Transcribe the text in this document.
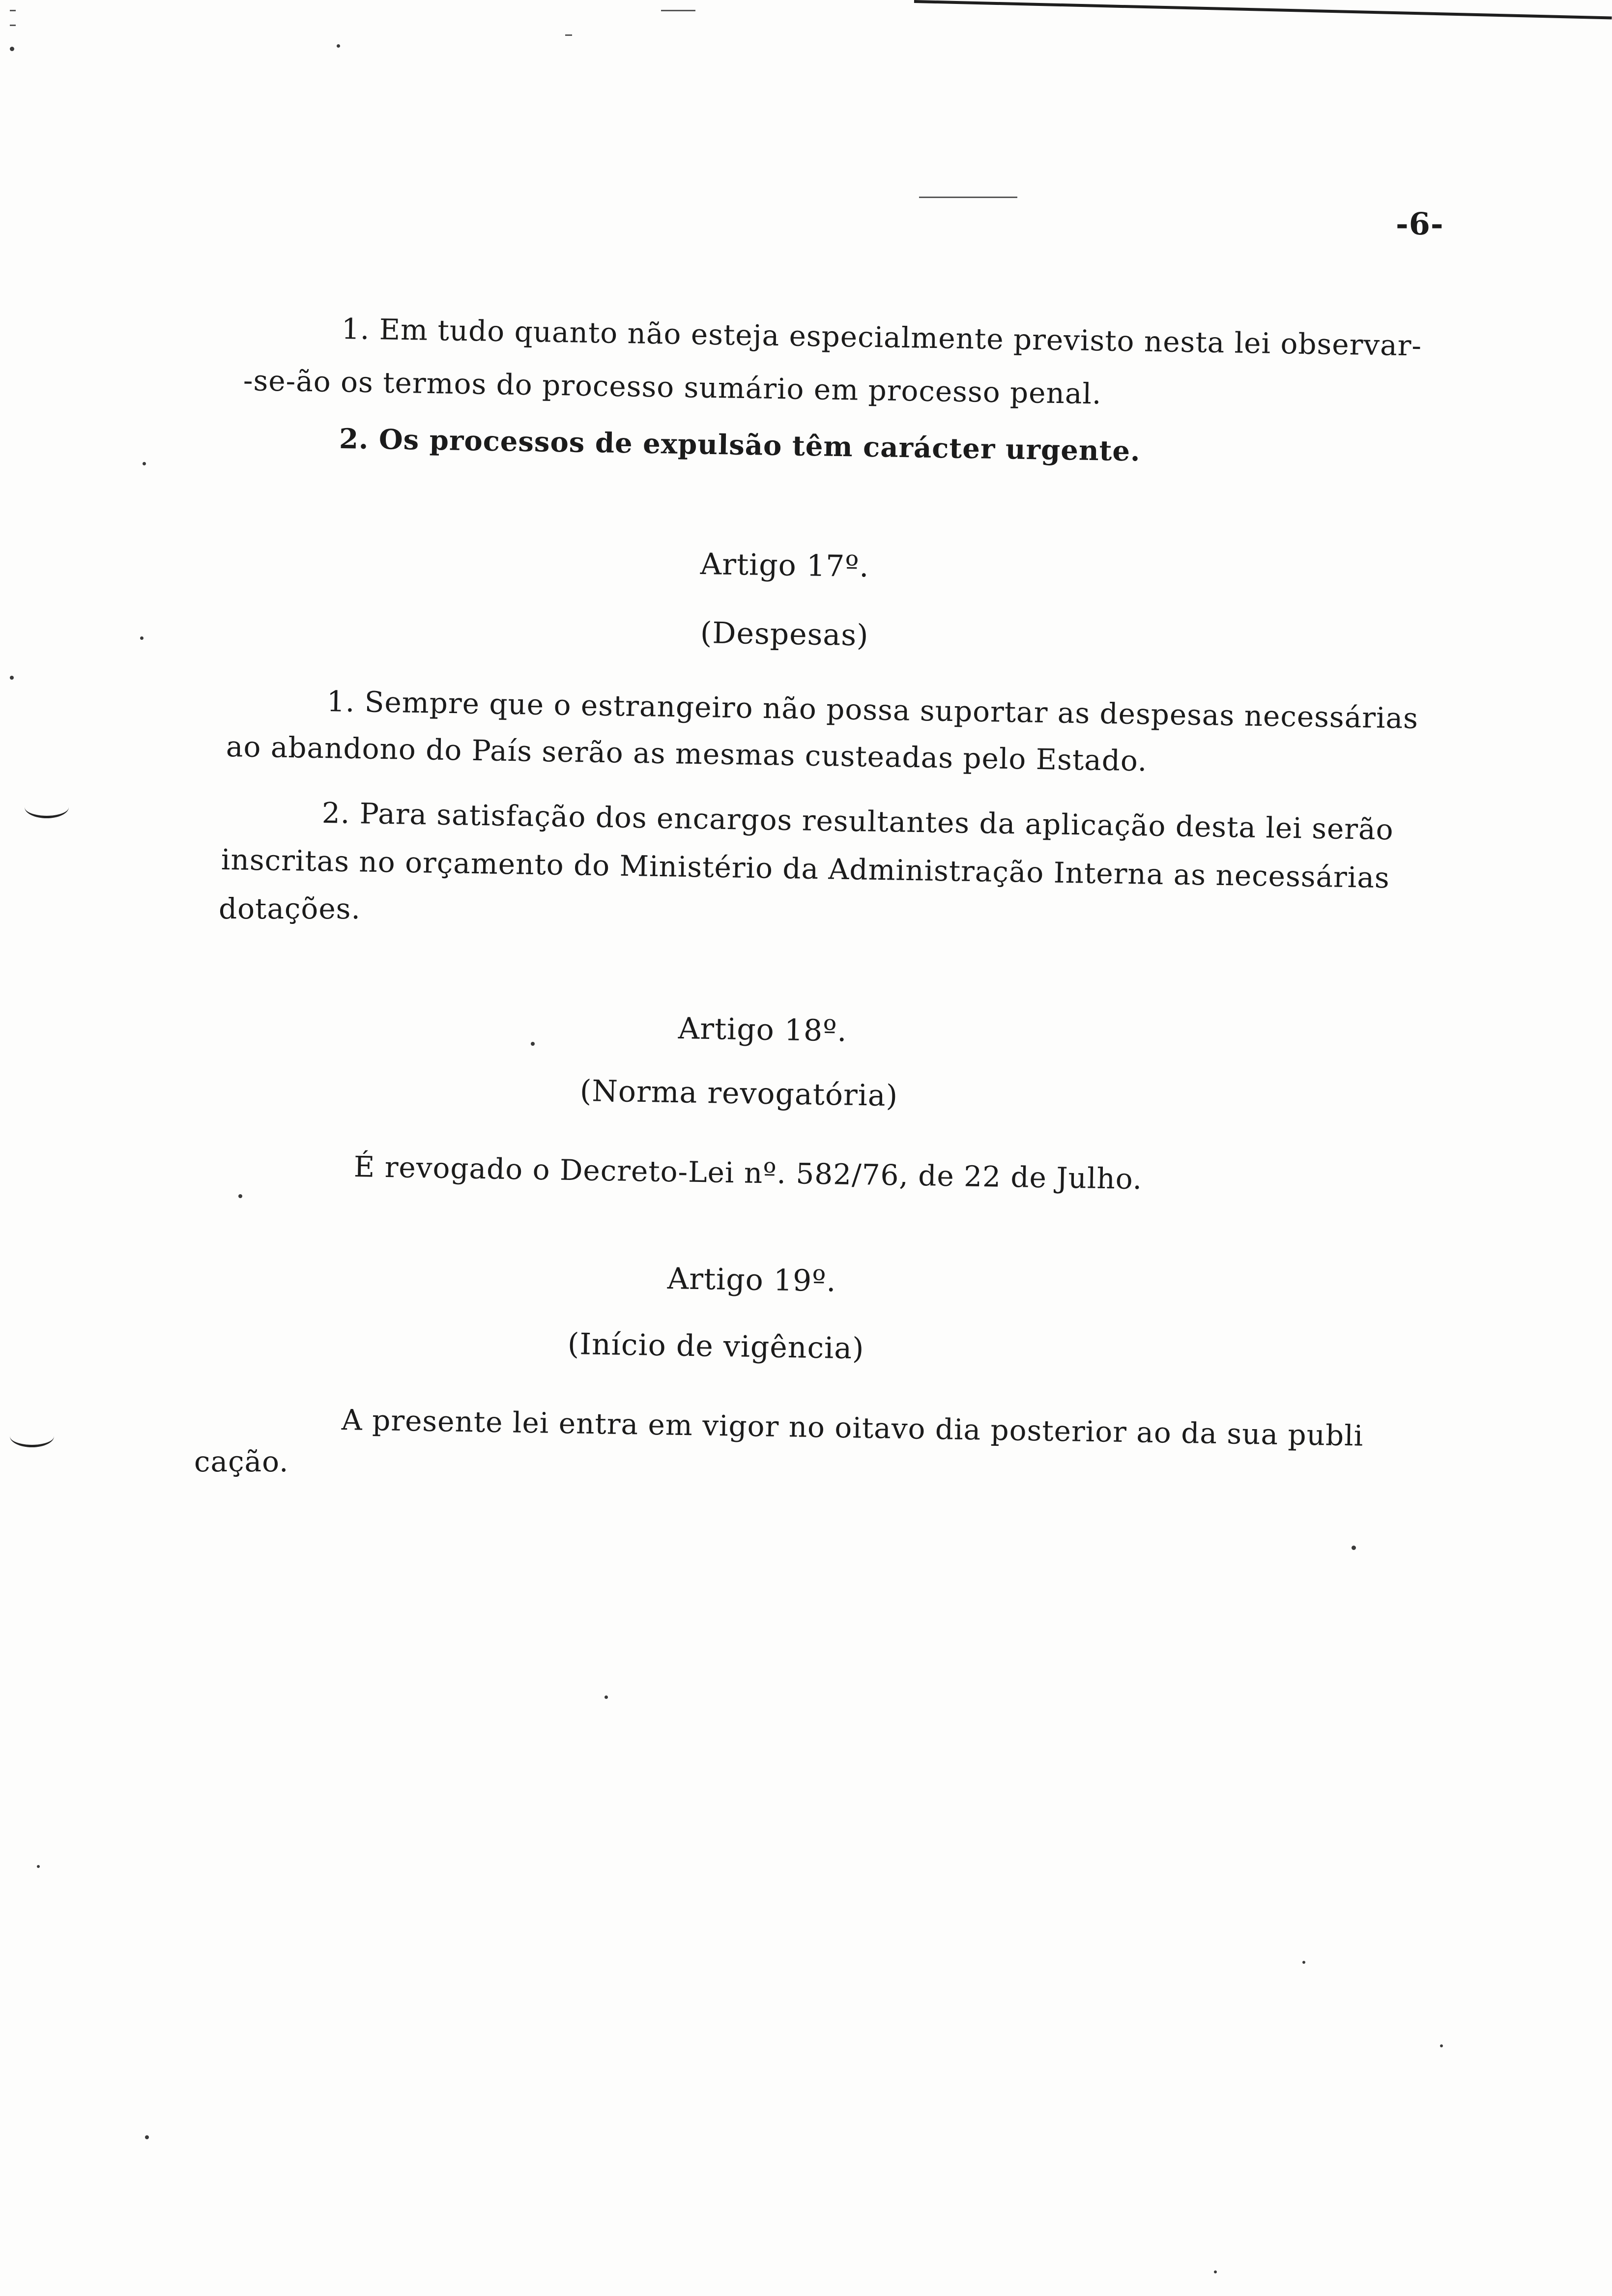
-6-
1. Em tudo quanto não esteja especialmente previsto nesta lei observar-
-se-ão os termos do processo sumário em processo penal.
2. Os processos de expulsão têm carácter urgente.
Artigo 17º.
(Despesas)
1. Sempre que o estrangeiro não possa suportar as despesas necessárias
ao abandono do País serão as mesmas custeadas pelo Estado.
2. Para satisfação dos encargos resultantes da aplicação desta lei serão
inscritas no orçamento do Ministério da Administração Interna as necessárias
dotações.
Artigo 18º.
(Norma revogatória)
É revogado o Decreto-Lei nº. 582/76, de 22 de Julho.
Artigo 19º.
(Início de vigência)
A presente lei entra em vigor no oitavo dia posterior ao da sua publi
cação.
